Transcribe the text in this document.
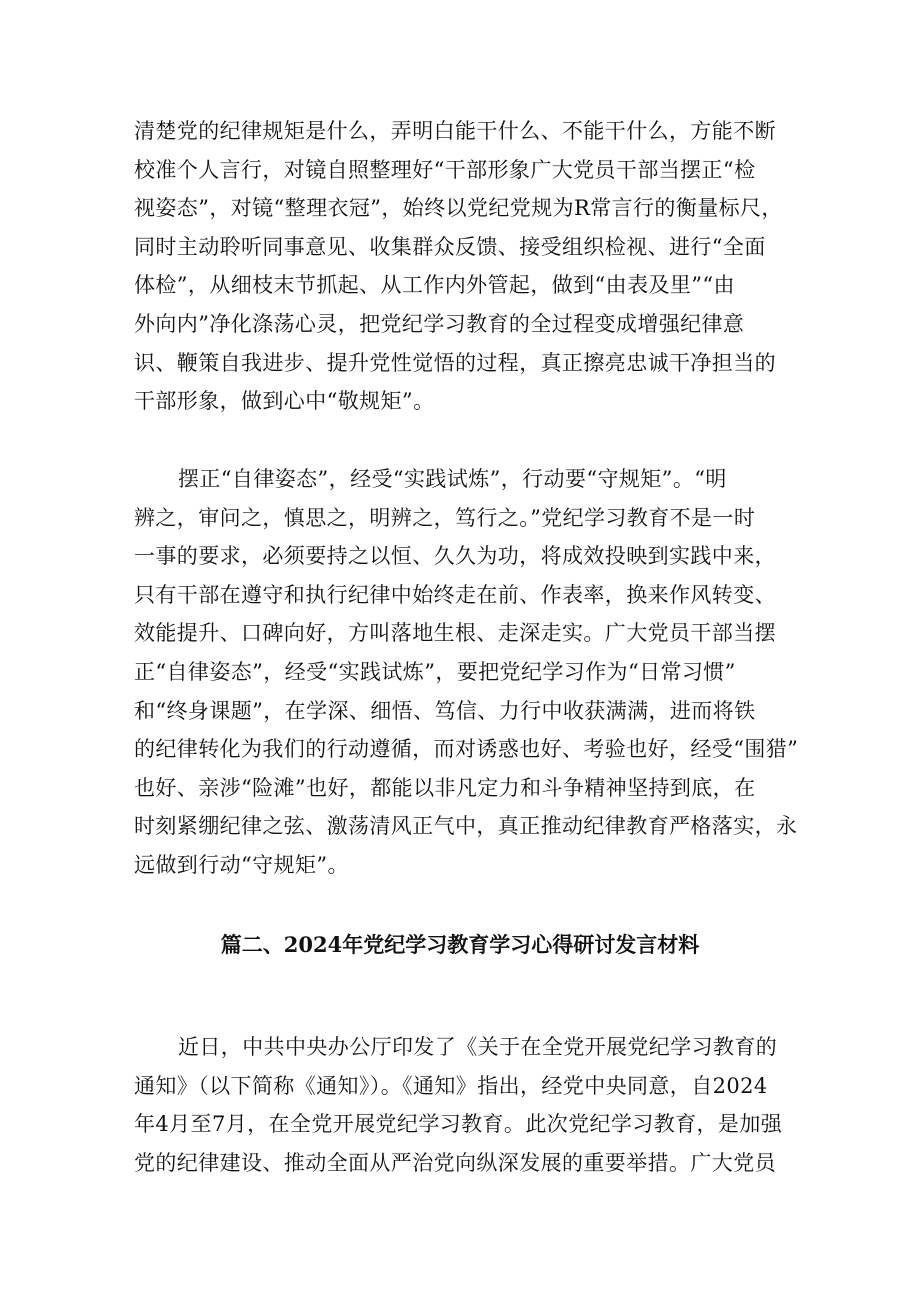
清楚党的纪律规矩是什么，弄明白能干什么、不能干什么，方能不断
校准个人言行，对镜自照整理好“干部形象广大党员干部当摆正“检
视姿态”，对镜“整理衣冠”，始终以党纪党规为R常言行的衡量标尺，
同时主动聆听同事意见、收集群众反馈、接受组织检视、进行“全面
体检”，从细枝末节抓起、从工作内外管起，做到“由表及里”“由
外向内”净化涤荡心灵，把党纪学习教育的全过程变成增强纪律意
识、鞭策自我进步、提升党性觉悟的过程，真正擦亮忠诚干净担当的
干部形象，做到心中“敬规矩”。
摆正“自律姿态”，经受“实践试炼”，行动要“守规矩”。“明
辨之，审问之，慎思之，明辨之，笃行之。”党纪学习教育不是一时
一事的要求，必须要持之以恒、久久为功，将成效投映到实践中来，
只有干部在遵守和执行纪律中始终走在前、作表率，换来作风转变、
效能提升、口碑向好，方叫落地生根、走深走实。广大党员干部当摆
正“自律姿态”，经受“实践试炼”，要把党纪学习作为“日常习惯”
和“终身课题”，在学深、细悟、笃信、力行中收获满满，进而将铁
的纪律转化为我们的行动遵循，而对诱惑也好、考验也好，经受“围猎”
也好、亲涉“险滩”也好，都能以非凡定力和斗争精神坚持到底，在
时刻紧绷纪律之弦、激荡清风正气中，真正推动纪律教育严格落实，永
远做到行动“守规矩”。
篇二、2024年党纪学习教育学习心得研讨发言材料
近日，中共中央办公厅印发了《关于在全党开展党纪学习教育的
通知》（以下简称《通知》）。《通知》指出，经党中央同意，自2024
年4月至7月，在全党开展党纪学习教育。此次党纪学习教育，是加强
党的纪律建设、推动全面从严治党向纵深发展的重要举措。广大党员
